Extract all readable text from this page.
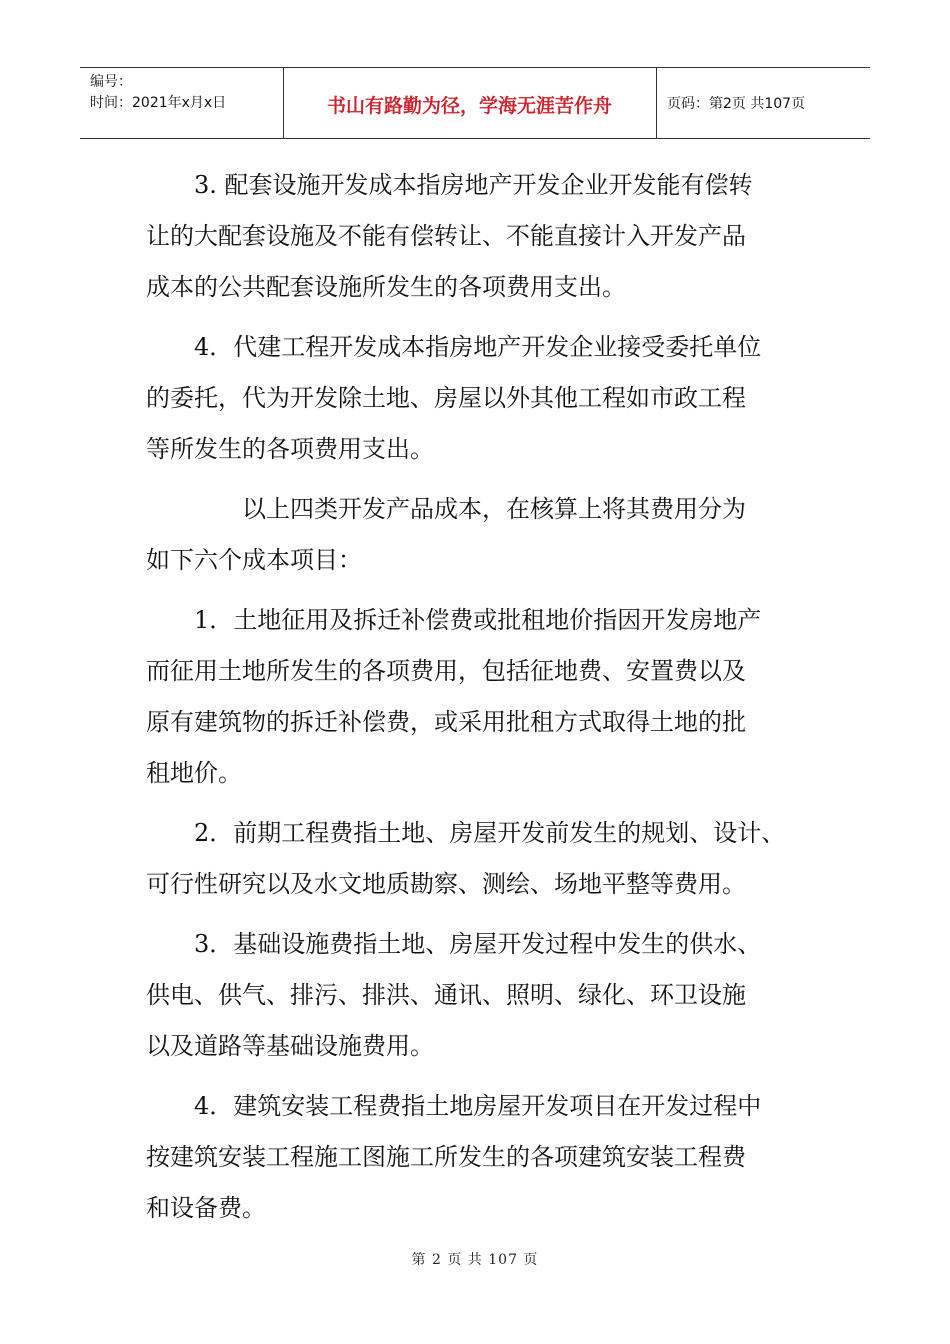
编号：
时间：2021年x月x日	书山有路勤为径，学海无涯苦作舟	页码：第2页 共107页

3. 配套设施开发成本指房地产开发企业开发能有偿转
让的大配套设施及不能有偿转让、不能直接计入开发产品
成本的公共配套设施所发生的各项费用支出。

4．代建工程开发成本指房地产开发企业接受委托单位
的委托，代为开发除土地、房屋以外其他工程如市政工程
等所发生的各项费用支出。

以上四类开发产品成本，在核算上将其费用分为
如下六个成本项目：

1．土地征用及拆迁补偿费或批租地价指因开发房地产
而征用土地所发生的各项费用，包括征地费、安置费以及
原有建筑物的拆迁补偿费，或采用批租方式取得土地的批
租地价。

2．前期工程费指土地、房屋开发前发生的规划、设计、
可行性研究以及水文地质勘察、测绘、场地平整等费用。

3．基础设施费指土地、房屋开发过程中发生的供水、
供电、供气、排污、排洪、通讯、照明、绿化、环卫设施
以及道路等基础设施费用。

4．建筑安装工程费指土地房屋开发项目在开发过程中
按建筑安装工程施工图施工所发生的各项建筑安装工程费
和设备费。

第 2 页 共 107 页
